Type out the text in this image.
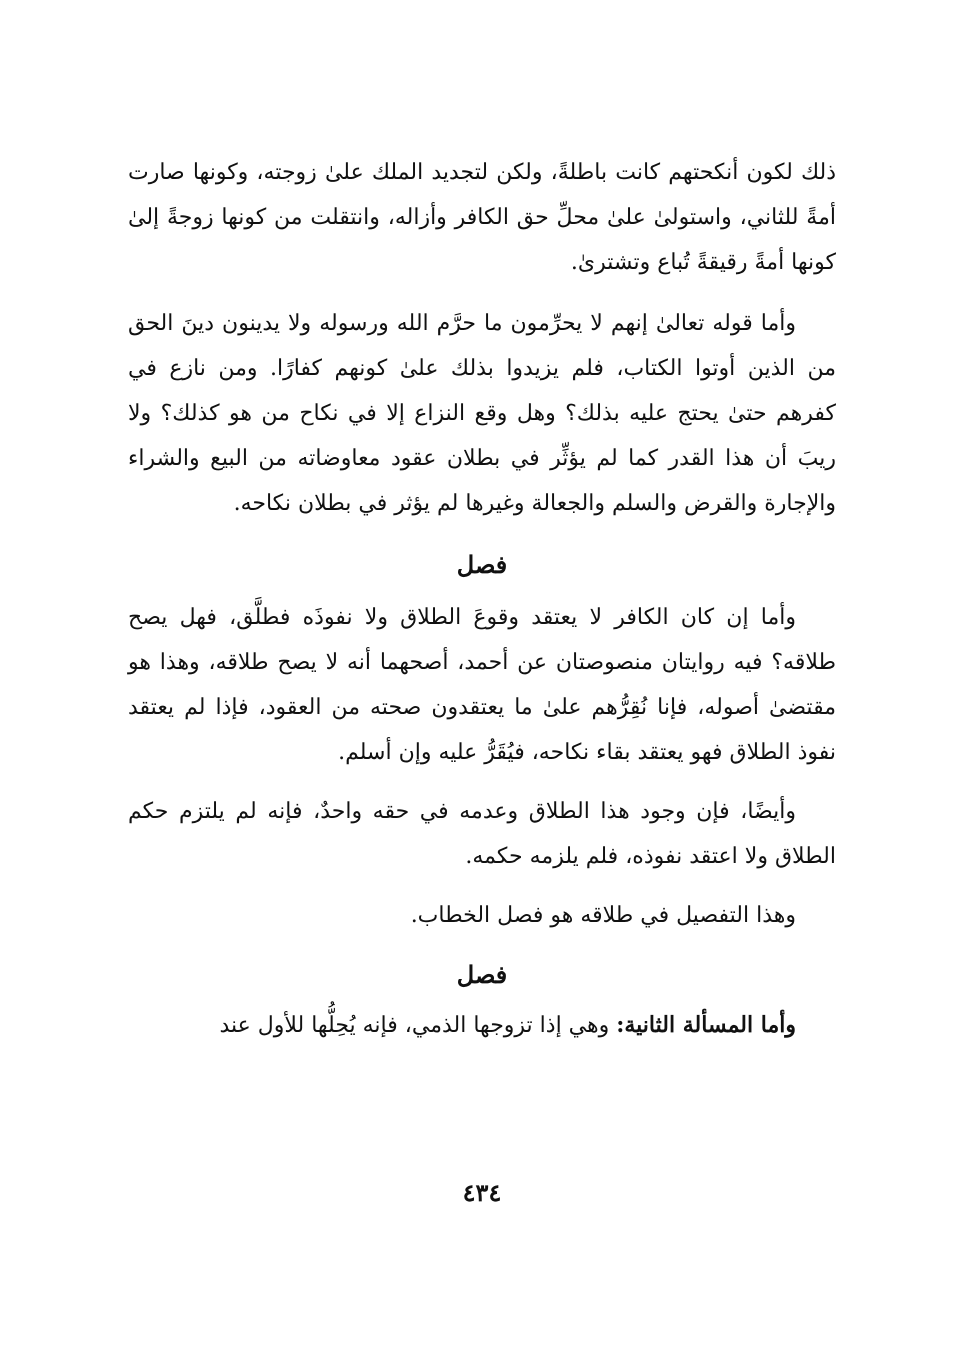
ذلك لكون أنكحتهم كانت باطلةً، ولكن لتجديد الملك علىٰ زوجته، وكونها صارت أمةً للثاني، واستولىٰ علىٰ محلِّ حق الكافر وأزاله، وانتقلت من كونها زوجةً إلىٰ كونها أمةً رقيقةً تُباع وتشترىٰ.

وأما قوله تعالىٰ إنهم لا يحرِّمون ما حرَّم الله ورسوله ولا يدينون دينَ الحق من الذين أوتوا الكتاب، فلم يزيدوا بذلك علىٰ كونهم كفارًا. ومن نازع في كفرهم حتىٰ يحتج عليه بذلك؟ وهل وقع النزاع إلا في نكاح من هو كذلك؟ ولا ريبَ أن هذا القدر كما لم يؤثِّر في بطلان عقود معاوضاته من البيع والشراء والإجارة والقرض والسلم والجعالة وغيرها لم يؤثر في بطلان نكاحه.

فصل

وأما إن كان الكافر لا يعتقد وقوعَ الطلاق ولا نفوذَه فطلَّق، فهل يصح طلاقه؟ فيه روايتان منصوصتان عن أحمد، أصحهما أنه لا يصح طلاقه، وهذا هو مقتضىٰ أصوله، فإنا نُقِرُّهم علىٰ ما يعتقدون صحته من العقود، فإذا لم يعتقد نفوذ الطلاق فهو يعتقد بقاء نكاحه، فيُقَرُّ عليه وإن أسلم.

وأيضًا، فإن وجود هذا الطلاق وعدمه في حقه واحدٌ، فإنه لم يلتزم حكم الطلاق ولا اعتقد نفوذه، فلم يلزمه حكمه.

وهذا التفصيل في طلاقه هو فصل الخطاب.

فصل

وأما المسألة الثانية: وهي إذا تزوجها الذمي، فإنه يُحِلُّها للأول عند

٤٣٤
